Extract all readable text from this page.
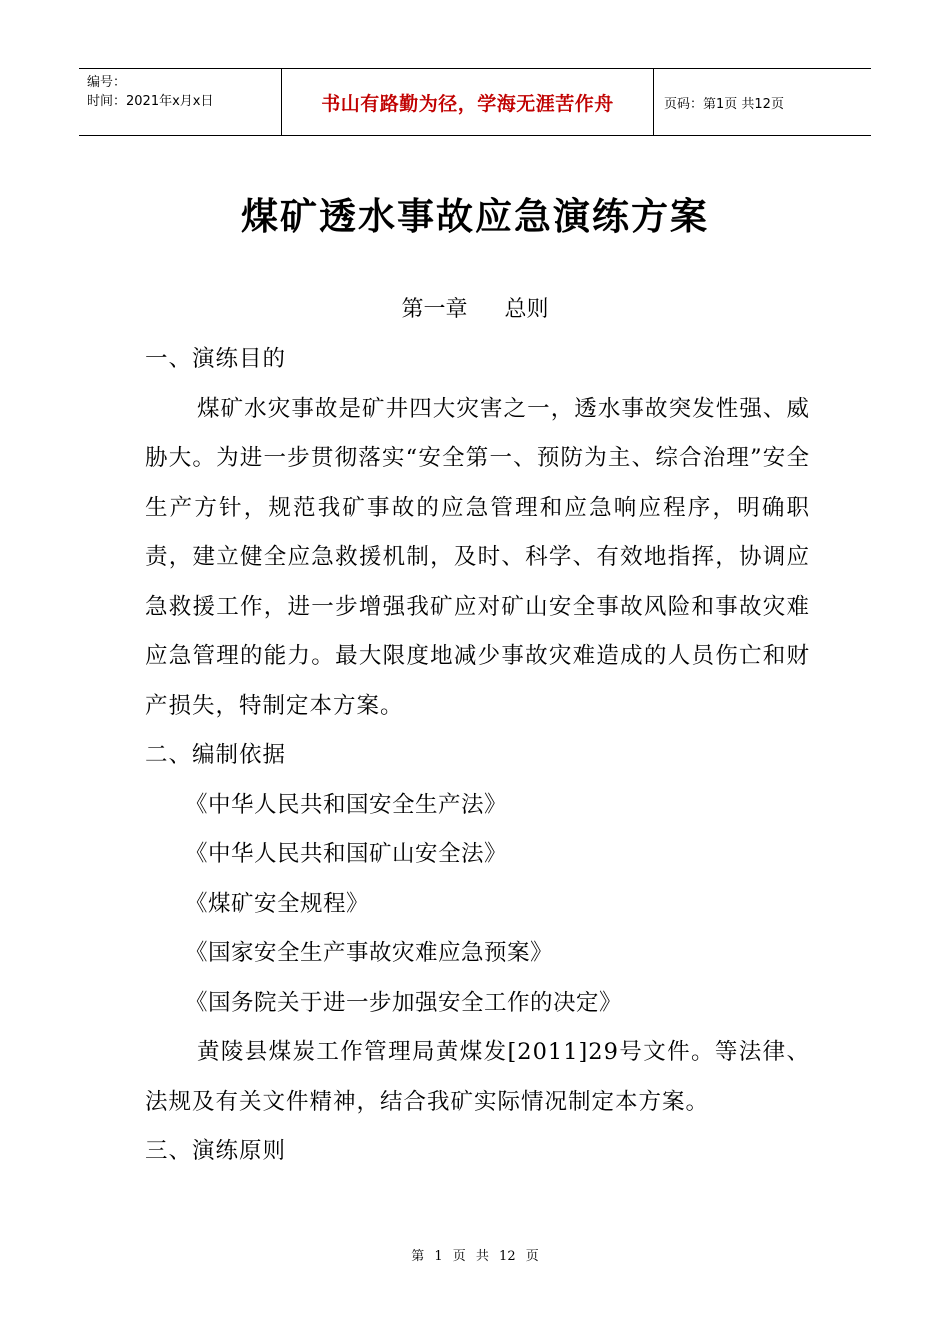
编号：
时间：2021年x月x日	书山有路勤为径，学海无涯苦作舟	页码：第1页 共12页
煤矿透水事故应急演练方案
第一章 总则

一、演练目的

煤矿水灾事故是矿井四大灾害之一，透水事故突发性强、威胁大。为进一步贯彻落实“安全第一、预防为主、综合治理”安全生产方针，规范我矿事故的应急管理和应急响应程序，明确职责，建立健全应急救援机制，及时、科学、有效地指挥，协调应急救援工作，进一步增强我矿应对矿山安全事故风险和事故灾难应急管理的能力。最大限度地减少事故灾难造成的人员伤亡和财产损失，特制定本方案。

二、编制依据

《中华人民共和国安全生产法》

《中华人民共和国矿山安全法》

《煤矿安全规程》

《国家安全生产事故灾难应急预案》

《国务院关于进一步加强安全工作的决定》

黄陵县煤炭工作管理局黄煤发[2011]29号文件。等法律、法规及有关文件精神，结合我矿实际情况制定本方案。

三、演练原则

第 1 页 共 12 页
